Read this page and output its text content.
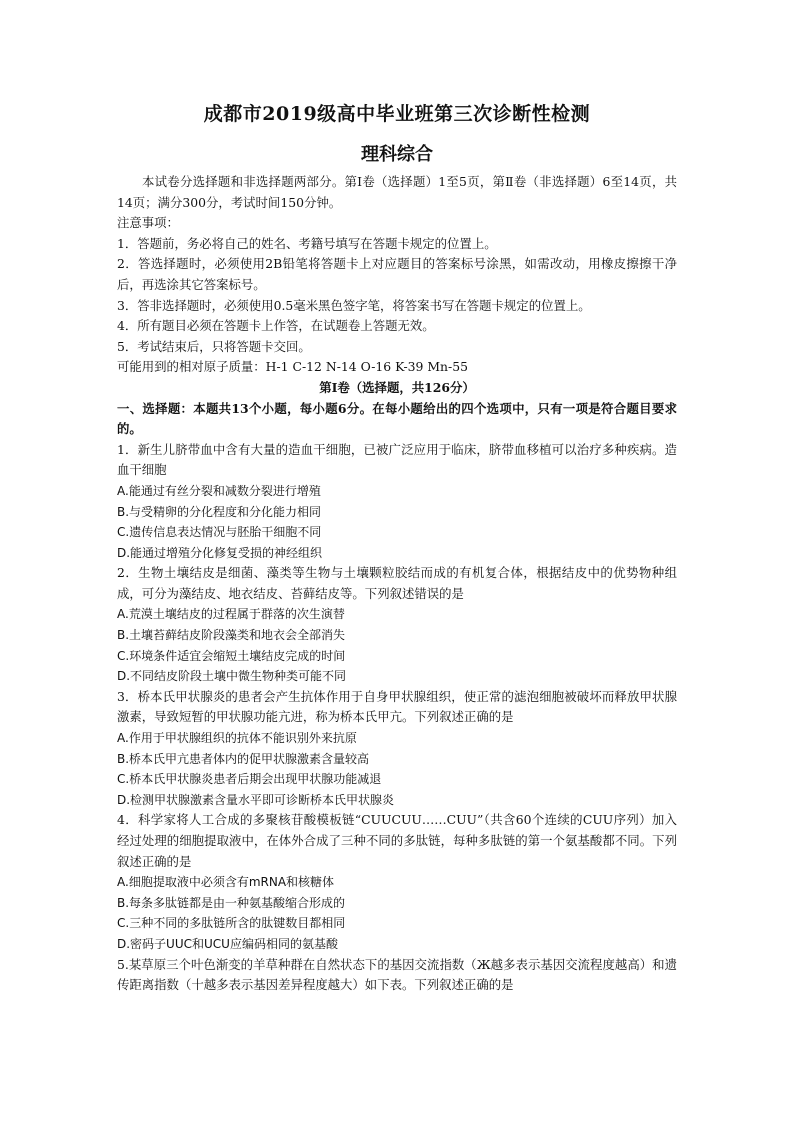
成都市2019级高中毕业班第三次诊断性检测
理科综合

本试卷分选择题和非选择题两部分。第Ⅰ卷（选择题）1至5页，第Ⅱ卷（非选择题）6至14页，共14页；满分300分，考试时间150分钟。

注意事项：

1．答题前，务必将自己的姓名、考籍号填写在答题卡规定的位置上。

2．答选择题时，必须使用2B铅笔将答题卡上对应题目的答案标号涂黑，如需改动，用橡皮擦擦干净后，再选涂其它答案标号。

3．答非选择题时，必须使用0.5毫米黑色签字笔，将答案书写在答题卡规定的位置上。

4．所有题目必须在答题卡上作答，在试题卷上答题无效。

5．考试结束后，只将答题卡交回。

可能用到的相对原子质量：H-1 C-12 N-14 O-16 K-39 Mn-55

第Ⅰ卷（选择题，共126分）

一、选择题：本题共13个小题，每小题6分。在每小题给出的四个选项中，只有一项是符合题目要求的。

1．新生儿脐带血中含有大量的造血干细胞，已被广泛应用于临床，脐带血移植可以治疗多种疾病。造血干细胞

A.能通过有丝分裂和减数分裂进行增殖

B.与受精卵的分化程度和分化能力相同

C.遗传信息表达情况与胚胎干细胞不同

D.能通过增殖分化修复受损的神经组织

2．生物土壤结皮是细菌、藻类等生物与土壤颗粒胶结而成的有机复合体，根据结皮中的优势物种组成，可分为藻结皮、地衣结皮、苔藓结皮等。下列叙述错误的是

A.荒漠土壤结皮的过程属于群落的次生演替

B.土壤苔藓结皮阶段藻类和地衣会全部消失

C.环境条件适宜会缩短土壤结皮完成的时间

D.不同结皮阶段土壤中微生物种类可能不同

3．桥本氏甲状腺炎的患者会产生抗体作用于自身甲状腺组织，使正常的滤泡细胞被破坏而释放甲状腺激素，导致短暂的甲状腺功能亢进，称为桥本氏甲亢。下列叙述正确的是

A.作用于甲状腺组织的抗体不能识别外来抗原

B.桥本氏甲亢患者体内的促甲状腺激素含量较高

C.桥本氏甲状腺炎患者后期会出现甲状腺功能减退

D.检测甲状腺激素含量水平即可诊断桥本氏甲状腺炎

4．科学家将人工合成的多聚核苷酸模板链“CUUCUU……CUU”（共含60个连续的CUU序列）加入经过处理的细胞提取液中，在体外合成了三种不同的多肽链，每种多肽链的第一个氨基酸都不同。下列叙述正确的是

A.细胞提取液中必须含有mRNA和核糖体

B.每条多肽链都是由一种氨基酸缩合形成的

C.三种不同的多肽链所含的肽键数目都相同

D.密码子UUC和UCU应编码相同的氨基酸

5.某草原三个叶色渐变的羊草种群在自然状态下的基因交流指数（Ж越多表示基因交流程度越高）和遗传距离指数（十越多表示基因差异程度越大）如下表。下列叙述正确的是
